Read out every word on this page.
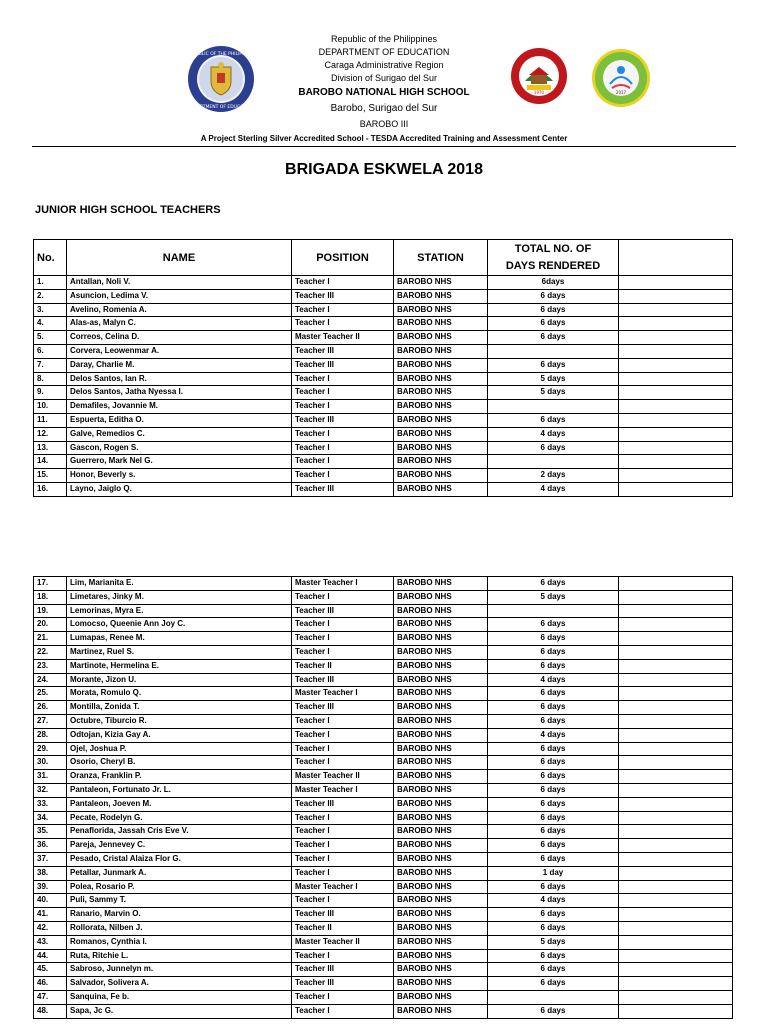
REPUBLIC OF THE PHILIPPINES
DEPARTMENT OF EDUCATION
Republic of the Philippines
DEPARTMENT OF EDUCATION
Caraga Administrative Region
Division of Surigao del Sur
BAROBO NATIONAL HIGH SCHOOL
Barobo, Surigao del Sur
BAROBO III
A Project Sterling Silver Accredited School - TESDA Accredited Training and Assessment Center
1970	2017
BRIGADA ESKWELA 2018
JUNIOR HIGH SCHOOL TEACHERS
No.	NAME	POSITION	STATION	TOTAL NO. OF
DAYS RENDERED	
1.	Antallan, Noli V.	Teacher I	BAROBO NHS	6days	
2.	Asuncion, Ledima V.	Teacher III	BAROBO NHS	6 days	
3.	Avelino, Romenia A.	Teacher I	BAROBO NHS	6 days	
4.	Alas-as, Malyn C.	Teacher I	BAROBO NHS	6 days	
5.	Correos, Celina D.	Master Teacher II	BAROBO NHS	6 days	
6.	Corvera, Leowenmar A.	Teacher III	BAROBO NHS		
7.	Daray, Charlie M.	Teacher III	BAROBO NHS	6 days	
8.	Delos Santos, Ian R.	Teacher I	BAROBO NHS	5 days	
9.	Delos Santos, Jatha Nyessa I.	Teacher I	BAROBO NHS	5 days	
10.	Demafiles, Jovannie M.	Teacher I	BAROBO NHS		
11.	Espuerta, Editha O.	Teacher III	BAROBO NHS	6 days	
12.	Galve, Remedios C.	Teacher I	BAROBO NHS	4 days	
13.	Gascon, Rogen S.	Teacher I	BAROBO NHS	6 days	
14.	Guerrero, Mark Nel G.	Teacher I	BAROBO NHS		
15.	Honor, Beverly s.	Teacher I	BAROBO NHS	2 days	
16.	Layno, Jaiglo Q.	Teacher III	BAROBO NHS	4 days	
17.	Lim, Marianita E.	Master Teacher I	BAROBO NHS	6 days	
18.	Limetares, Jinky M.	Teacher I	BAROBO NHS	5 days	
19.	Lemorinas, Myra E.	Teacher III	BAROBO NHS		
20.	Lomocso, Queenie Ann Joy C.	Teacher I	BAROBO NHS	6 days	
21.	Lumapas, Renee M.	Teacher I	BAROBO NHS	6 days	
22.	Martinez, Ruel S.	Teacher I	BAROBO NHS	6 days	
23.	Martinote, Hermelina E.	Teacher II	BAROBO NHS	6 days	
24.	Morante, Jizon U.	Teacher III	BAROBO NHS	4 days	
25.	Morata, Romulo Q.	Master Teacher I	BAROBO NHS	6 days	
26.	Montilla, Zonida T.	Teacher III	BAROBO NHS	6 days	
27.	Octubre, Tiburcio R.	Teacher I	BAROBO NHS	6 days	
28.	Odtojan, Kizia Gay A.	Teacher I	BAROBO NHS	4 days	
29.	Ojel, Joshua P.	Teacher I	BAROBO NHS	6 days	
30.	Osorio, Cheryl B.	Teacher I	BAROBO NHS	6 days	
31.	Oranza, Franklin P.	Master Teacher II	BAROBO NHS	6 days	
32.	Pantaleon, Fortunato Jr. L.	Master Teacher I	BAROBO NHS	6 days	
33.	Pantaleon, Joeven M.	Teacher III	BAROBO NHS	6 days	
34.	Pecate, Rodelyn G.	Teacher I	BAROBO NHS	6 days	
35.	Penaflorida, Jassah Cris Eve V.	Teacher I	BAROBO NHS	6 days	
36.	Pareja, Jennevey C.	Teacher I	BAROBO NHS	6 days	
37.	Pesado, Cristal Alaiza Flor G.	Teacher I	BAROBO NHS	6 days	
38.	Petallar, Junmark A.	Teacher I	BAROBO NHS	1 day	
39.	Polea, Rosario P.	Master Teacher I	BAROBO NHS	6 days	
40.	Puli, Sammy T.	Teacher I	BAROBO NHS	4 days	
41.	Ranario, Marvin O.	Teacher III	BAROBO NHS	6 days	
42.	Rollorata, Nilben J.	Teacher II	BAROBO NHS	6 days	
43.	Romanos, Cynthia I.	Master Teacher II	BAROBO NHS	5 days	
44.	Ruta, Ritchie L.	Teacher I	BAROBO NHS	6 days	
45.	Sabroso, Junnelyn m.	Teacher III	BAROBO NHS	6 days	
46.	Salvador, Solivera A.	Teacher III	BAROBO NHS	6 days	
47.	Sanquina, Fe b.	Teacher I	BAROBO NHS		
48.	Sapa, Jc G.	Teacher I	BAROBO NHS	6 days	
